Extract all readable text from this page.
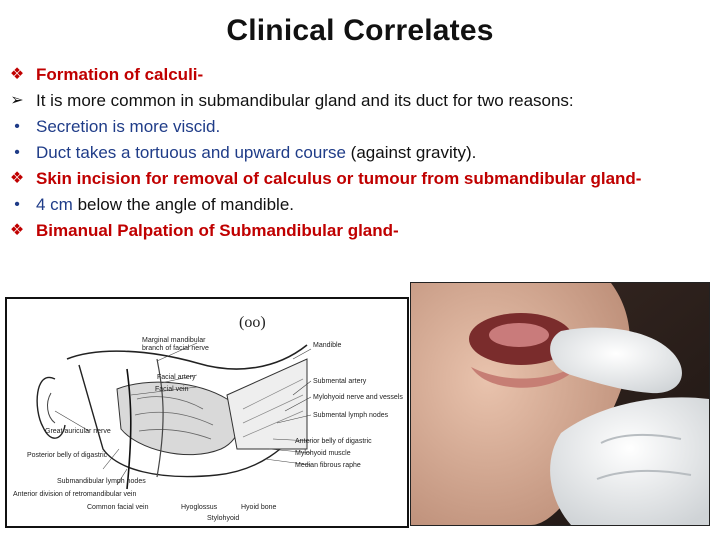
Clinical Correlates
❖ Formation of calculi-
➢ It is more common in submandibular gland and its duct for two reasons:
• Secretion is more viscid.
• Duct takes a tortuous and upward course (against gravity).
❖ Skin incision for removal of calculus or tumour from submandibular gland-
• 4 cm below the angle of mandible.
❖ Bimanual Palpation of Submandibular gland-
(oo)
Marginal mandibular
branch of facial nerve
Facial artery
Facial vein
Great auricular nerve
Posterior belly of digastric
Submandibular lymph nodes
Anterior division of retromandibular vein
Common facial vein
Mandible
Submental artery
Mylohyoid nerve and vessels
Submental lymph nodes
Anterior belly of digastric
Mylohyoid muscle
Median fibrous raphe
Hyoglossus	Hyoid bone
Stylohyoid
